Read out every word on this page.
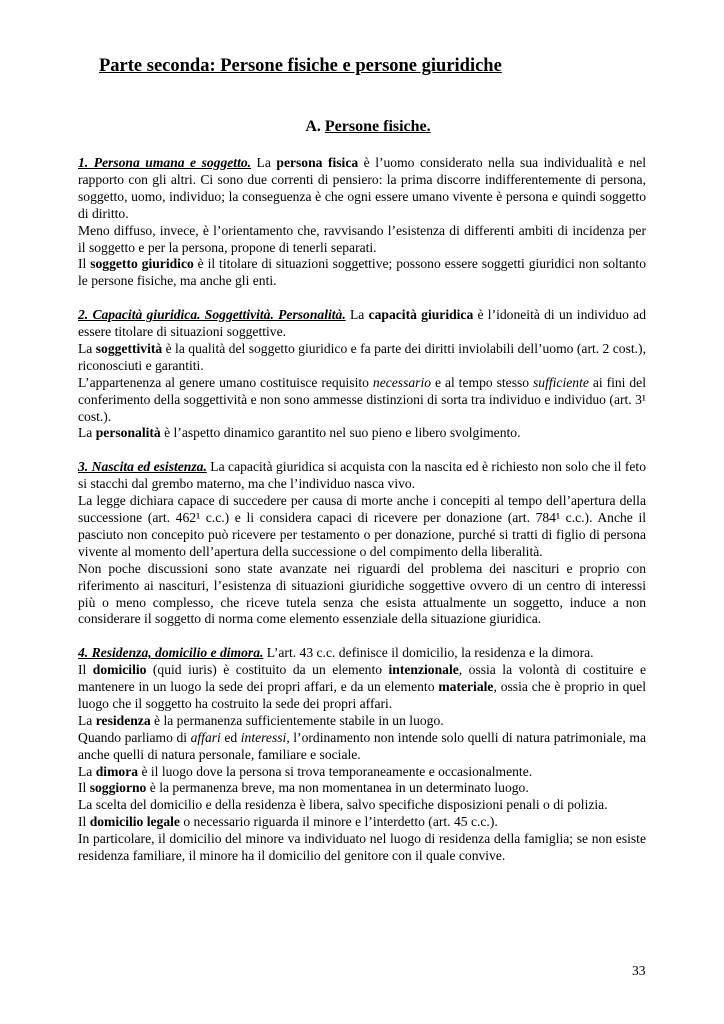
Parte seconda: Persone fisiche e persone giuridiche
A. Persone fisiche.

1. Persona umana e soggetto. La persona fisica è l’uomo considerato nella sua individualità e nel rapporto con gli altri. Ci sono due correnti di pensiero: la prima discorre indifferentemente di persona, soggetto, uomo, individuo; la conseguenza è che ogni essere umano vivente è persona e quindi soggetto di diritto.

Meno diffuso, invece, è l’orientamento che, ravvisando l’esistenza di differenti ambiti di incidenza per il soggetto e per la persona, propone di tenerli separati.

Il soggetto giuridico è il titolare di situazioni soggettive; possono essere soggetti giuridici non soltanto le persone fisiche, ma anche gli enti.

2. Capacità giuridica. Soggettività. Personalità. La capacità giuridica è l’idoneità di un individuo ad essere titolare di situazioni soggettive.

La soggettività è la qualità del soggetto giuridico e fa parte dei diritti inviolabili dell’uomo (art. 2 cost.), riconosciuti e garantiti.

L’appartenenza al genere umano costituisce requisito necessario e al tempo stesso sufficiente ai fini del conferimento della soggettività e non sono ammesse distinzioni di sorta tra individuo e individuo (art. 3¹ cost.).

La personalità è l’aspetto dinamico garantito nel suo pieno e libero svolgimento.

3. Nascita ed esistenza. La capacità giuridica si acquista con la nascita ed è richiesto non solo che il feto si stacchi dal grembo materno, ma che l’individuo nasca vivo.

La legge dichiara capace di succedere per causa di morte anche i concepiti al tempo dell’apertura della successione (art. 462¹ c.c.) e li considera capaci di ricevere per donazione (art. 784¹ c.c.). Anche il pasciuto non concepito può ricevere per testamento o per donazione, purché si tratti di figlio di persona vivente al momento dell’apertura della successione o del compimento della liberalità.

Non poche discussioni sono state avanzate nei riguardi del problema dei nascituri e proprio con riferimento ai nascituri, l’esistenza di situazioni giuridiche soggettive ovvero di un centro di interessi più o meno complesso, che riceve tutela senza che esista attualmente un soggetto, induce a non considerare il soggetto di norma come elemento essenziale della situazione giuridica.

4. Residenza, domicilio e dimora. L’art. 43 c.c. definisce il domicilio, la residenza e la dimora.

Il domicilio (quid iuris) è costituito da un elemento intenzionale, ossia la volontà di costituire e mantenere in un luogo la sede dei propri affari, e da un elemento materiale, ossia che è proprio in quel luogo che il soggetto ha costruito la sede dei propri affari.

La residenza è la permanenza sufficientemente stabile in un luogo.

Quando parliamo di affari ed interessi, l’ordinamento non intende solo quelli di natura patrimoniale, ma anche quelli di natura personale, familiare e sociale.

La dimora è il luogo dove la persona si trova temporaneamente e occasionalmente.

Il soggiorno è la permanenza breve, ma non momentanea in un determinato luogo.

La scelta del domicilio e della residenza è libera, salvo specifiche disposizioni penali o di polizia.

Il domicilio legale o necessario riguarda il minore e l’interdetto (art. 45 c.c.).

In particolare, il domicilio del minore va individuato nel luogo di residenza della famiglia; se non esiste residenza familiare, il minore ha il domicilio del genitore con il quale convive.

33
